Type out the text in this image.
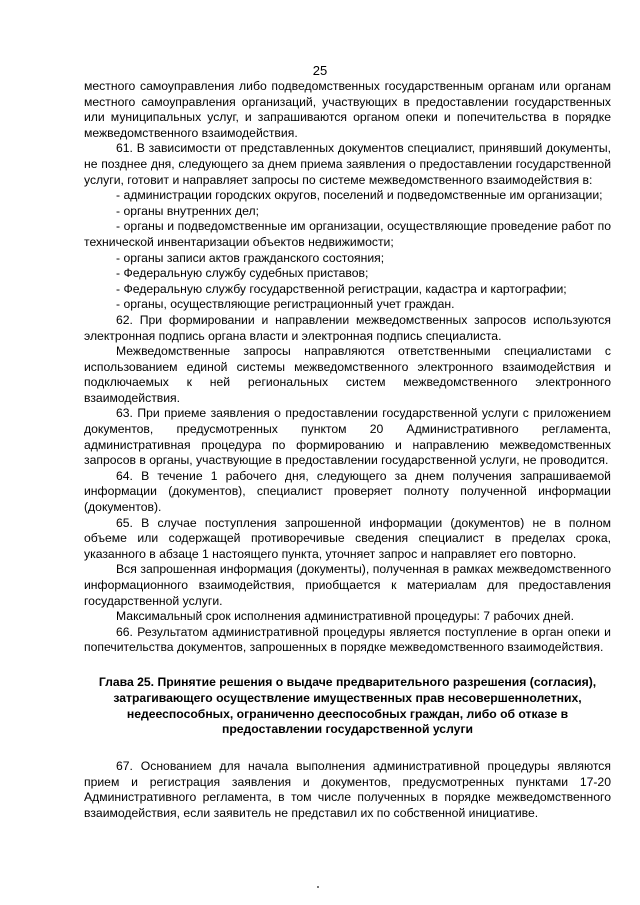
25

местного самоуправления либо подведомственных государственным органам или органам местного самоуправления организаций, участвующих в предоставлении государственных или муниципальных услуг, и запрашиваются органом опеки и попечительства в порядке межведомственного взаимодействия.

61. В зависимости от представленных документов специалист, принявший документы, не позднее дня, следующего за днем приема заявления о предоставлении государственной услуги, готовит и направляет запросы по системе межведомственного взаимодействия в:

- администрации городских округов, поселений и подведомственные им организации;

- органы внутренних дел;

- органы и подведомственные им организации, осуществляющие проведение работ по технической инвентаризации объектов недвижимости;

- органы записи актов гражданского состояния;

- Федеральную службу судебных приставов;

- Федеральную службу государственной регистрации, кадастра и картографии;

- органы, осуществляющие регистрационный учет граждан.

62. При формировании и направлении межведомственных запросов используются электронная подпись органа власти и электронная подпись специалиста.

Межведомственные запросы направляются ответственными специалистами с использованием единой системы межведомственного электронного взаимодействия и подключаемых к ней региональных систем межведомственного электронного взаимодействия.

63. При приеме заявления о предоставлении государственной услуги с приложением документов, предусмотренных пунктом 20 Административного регламента, административная процедура по формированию и направлению межведомственных запросов в органы, участвующие в предоставлении государственной услуги, не проводится.

64. В течение 1 рабочего дня, следующего за днем получения запрашиваемой информации (документов), специалист проверяет полноту полученной информации (документов).

65. В случае поступления запрошенной информации (документов) не в полном объеме или содержащей противоречивые сведения специалист в пределах срока, указанного в абзаце 1 настоящего пункта, уточняет запрос и направляет его повторно.

Вся запрошенная информация (документы), полученная в рамках межведомственного информационного взаимодействия, приобщается к материалам для предоставления государственной услуги.

Максимальный срок исполнения административной процедуры: 7 рабочих дней.

66. Результатом административной процедуры является поступление в орган опеки и попечительства документов, запрошенных в порядке межведомственного взаимодействия.

Глава 25. Принятие решения о выдаче предварительного разрешения (согласия), затрагивающего осуществление имущественных прав несовершеннолетних, недееспособных, ограниченно дееспособных граждан, либо об отказе в предоставлении государственной услуги

67. Основанием для начала выполнения административной процедуры являются прием и регистрация заявления и документов, предусмотренных пунктами 17-20 Административного регламента, в том числе полученных в порядке межведомственного взаимодействия, если заявитель не представил их по собственной инициативе.
